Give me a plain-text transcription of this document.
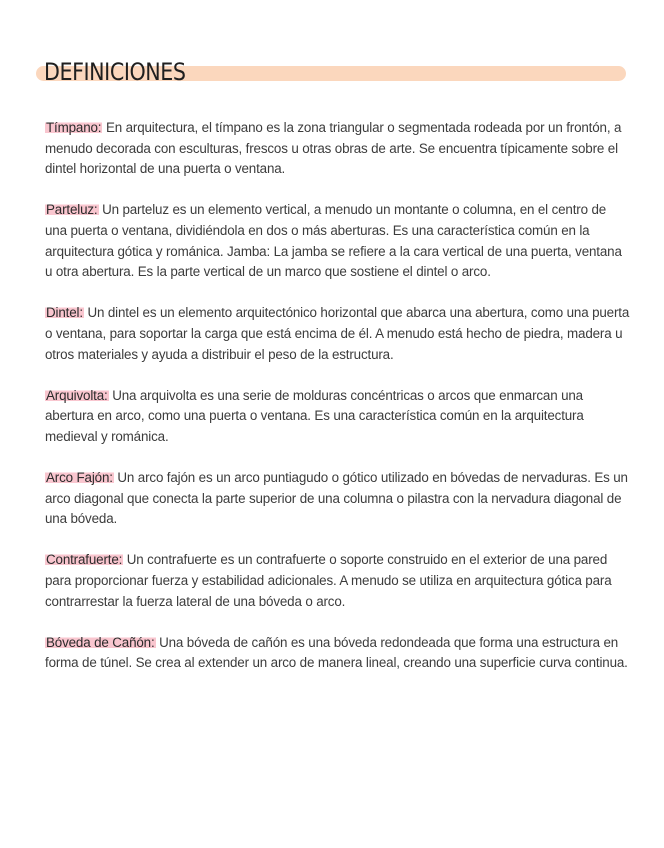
DEFINICIONES

Tímpano: En arquitectura, el tímpano es la zona triangular o segmentada rodeada por un frontón, a menudo decorada con esculturas, frescos u otras obras de arte. Se encuentra típicamente sobre el dintel horizontal de una puerta o ventana.

Parteluz: Un parteluz es un elemento vertical, a menudo un montante o columna, en el centro de una puerta o ventana, dividiéndola en dos o más aberturas. Es una característica común en la arquitectura gótica y románica. Jamba: La jamba se refiere a la cara vertical de una puerta, ventana u otra abertura. Es la parte vertical de un marco que sostiene el dintel o arco.

Dintel: Un dintel es un elemento arquitectónico horizontal que abarca una abertura, como una puerta o ventana, para soportar la carga que está encima de él. A menudo está hecho de piedra, madera u otros materiales y ayuda a distribuir el peso de la estructura.

Arquivolta: Una arquivolta es una serie de molduras concéntricas o arcos que enmarcan una abertura en arco, como una puerta o ventana. Es una característica común en la arquitectura medieval y románica.

Arco Fajón: Un arco fajón es un arco puntiagudo o gótico utilizado en bóvedas de nervaduras. Es un arco diagonal que conecta la parte superior de una columna o pilastra con la nervadura diagonal de una bóveda.

Contrafuerte: Un contrafuerte es un contrafuerte o soporte construido en el exterior de una pared para proporcionar fuerza y estabilidad adicionales. A menudo se utiliza en arquitectura gótica para contrarrestar la fuerza lateral de una bóveda o arco.

Bóveda de Cañón: Una bóveda de cañón es una bóveda redondeada que forma una estructura en forma de túnel. Se crea al extender un arco de manera lineal, creando una superficie curva continua.
